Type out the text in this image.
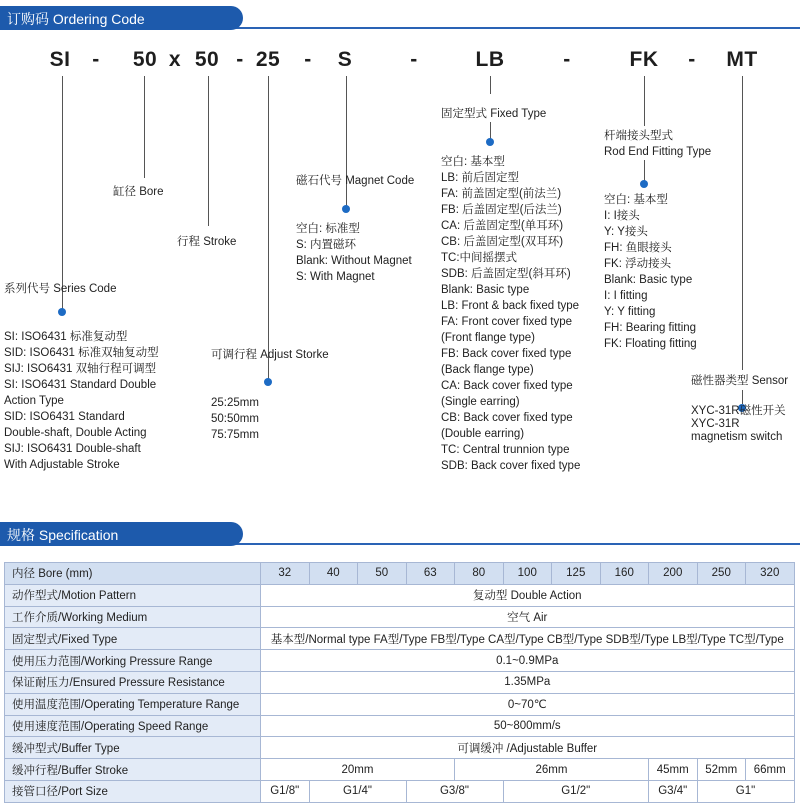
订购码 Ordering Code
SI - 50 x 50 - 25 - S	-	LB	-	FK - MT
缸径 Bore
行程 Stroke
系列代号 Series Code
SI: ISO6431 标准复动型
SID: ISO6431 标准双轴复动型
SIJ: ISO6431 双轴行程可调型
SI: ISO6431 Standard Double
Action Type
SID: ISO6431 Standard
Double-shaft, Double Acting
SIJ: ISO6431 Double-shaft
With Adjustable Stroke
可调行程 Adjust Storke
25:25mm
50:50mm
75:75mm
磁石代号 Magnet Code
空白: 标准型
S: 内置磁环
Blank: Without Magnet
S: With Magnet
固定型式 Fixed Type
空白: 基本型
LB: 前后固定型
FA: 前盖固定型(前法兰)
FB: 后盖固定型(后法兰)
CA: 后盖固定型(单耳环)
CB: 后盖固定型(双耳环)
TC:中间摇摆式
SDB: 后盖固定型(斜耳环)
Blank: Basic type
LB: Front & back fixed type
FA: Front cover fixed type
(Front flange type)
FB: Back cover fixed type
(Back flange type)
CA: Back cover fixed type
(Single earring)
CB: Back cover fixed type
(Double earring)
TC: Central trunnion type
SDB: Back cover fixed type
杆端接头型式
Rod End Fitting Type
空白: 基本型
I: I接头
Y: Y接头
FH: 鱼眼接头
FK: 浮动接头
Blank: Basic type
I: I fitting
Y: Y fitting
FH: Bearing fitting
FK: Floating fitting
磁性器类型 Sensor
XYC-31R磁性开关
XYC-31R
magnetism switch
规格 Specification
内径 Bore (mm)	32	40	50	63	80	100	125	160	200	250	320
动作型式/Motion Pattern	复动型 Double Action										
工作介质/Working Medium	空气 Air										
固定型式/Fixed Type	基本型/Normal type FA型/Type FB型/Type CA型/Type CB型/Type SDB型/Type LB型/Type TC型/Type										
使用压力范围/Working Pressure Range	0.1~0.9MPa										
保证耐压力/Ensured Pressure Resistance	1.35MPa										
使用温度范围/Operating Temperature Range	0~70℃										
使用速度范围/Operating Speed Range	50~800mm/s										
缓冲型式/Buffer Type	可调缓冲 /Adjustable Buffer										
缓冲行程/Buffer Stroke	20mm				26mm				45mm	52mm	66mm
接管口径/Port Size	G1/8"	G1/4"		G3/8"		G1/2"			G3/4"	G1"	
